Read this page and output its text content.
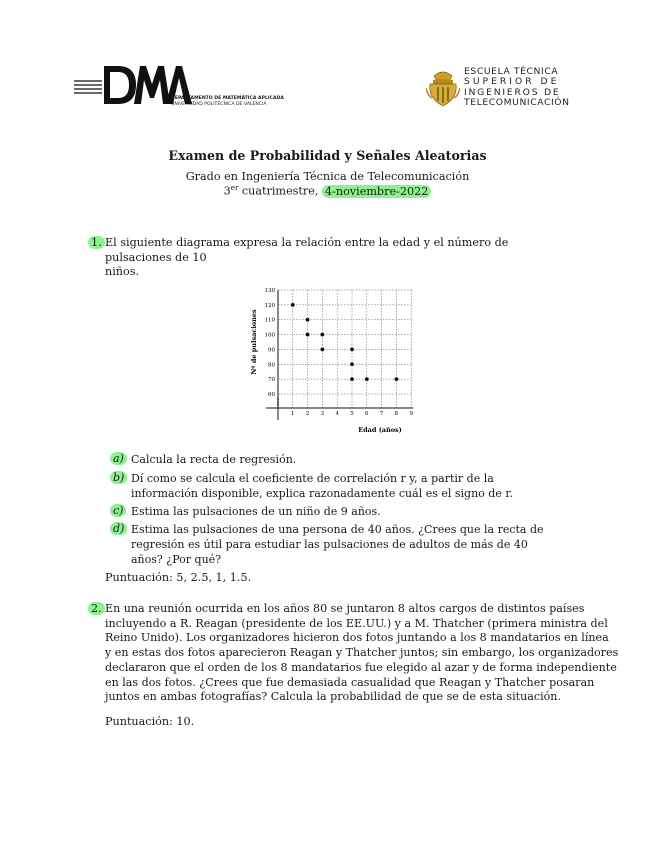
DEPARTAMENTO DE MATEMÁTICA APLICADA
UNIVERSIDAD POLITÉCNICA DE VALENCIA
ESCUELA TÉCNICA
SUPERIOR DE
INGENIEROS DE
TELECOMUNICACIÓN
Examen de Probabilidad y Señales Aleatorias
Grado en Ingeniería Técnica de Telecomunicación
3er cuatrimestre, 4-noviembre-2022
1. El siguiente diagrama expresa la relación entre la edad y el número de pulsaciones de 10
niños.
1 2 3 4 5 6 7 8 9
60
70
80
90
100
110
120
130
Edad (años)
Nº de pulsaciones
a) Calcula la recta de regresión.
b) Dí como se calcula el coeficiente de correlación r y, a partir de la información disponible, explica razonadamente cuál es el signo de r.
c) Estima las pulsaciones de un niño de 9 años.
d) Estima las pulsaciones de una persona de 40 años. ¿Crees que la recta de regresión es útil para estudiar las pulsaciones de adultos de más de 40 años? ¿Por qué?
Puntuación: 5, 2.5, 1, 1.5.
2. En una reunión ocurrida en los años 80 se juntaron 8 altos cargos de distintos países
incluyendo a R. Reagan (presidente de los EE.UU.) y a M. Thatcher (primera ministra del
Reino Unido). Los organizadores hicieron dos fotos juntando a los 8 mandatarios en línea
y en estas dos fotos aparecieron Reagan y Thatcher juntos; sin embargo, los organizadores
declararon que el orden de los 8 mandatarios fue elegido al azar y de forma independiente
en las dos fotos. ¿Crees que fue demasiada casualidad que Reagan y Thatcher posaran
juntos en ambas fotografías? Calcula la probabilidad de que se de esta situación.
Puntuación: 10.
